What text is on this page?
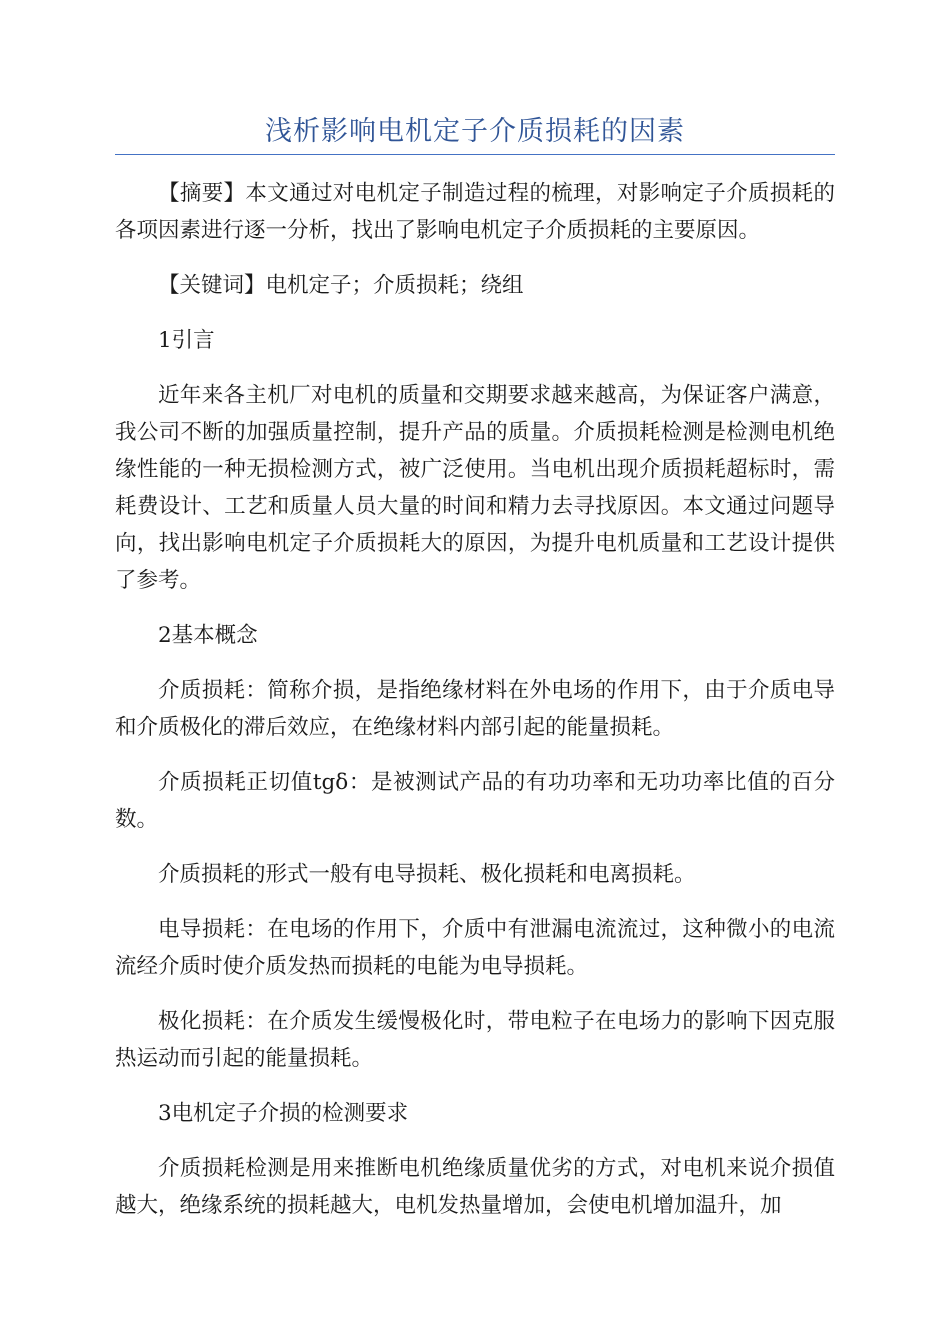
浅析影响电机定子介质损耗的因素

【摘要】本文通过对电机定子制造过程的梳理，对影响定子介质损耗的各项因素进行逐一分析，找出了影响电机定子介质损耗的主要原因。

【关键词】电机定子；介质损耗；绕组

1引言

近年来各主机厂对电机的质量和交期要求越来越高，为保证客户满意，我公司不断的加强质量控制，提升产品的质量。介质损耗检测是检测电机绝缘性能的一种无损检测方式，被广泛使用。当电机出现介质损耗超标时，需耗费设计、工艺和质量人员大量的时间和精力去寻找原因。本文通过问题导向，找出影响电机定子介质损耗大的原因，为提升电机质量和工艺设计提供了参考。

2基本概念

介质损耗：简称介损，是指绝缘材料在外电场的作用下，由于介质电导和介质极化的滞后效应，在绝缘材料内部引起的能量损耗。

介质损耗正切值tgδ：是被测试产品的有功功率和无功功率比值的百分数。

介质损耗的形式一般有电导损耗、极化损耗和电离损耗。

电导损耗：在电场的作用下，介质中有泄漏电流流过，这种微小的电流流经介质时使介质发热而损耗的电能为电导损耗。

极化损耗：在介质发生缓慢极化时，带电粒子在电场力的影响下因克服热运动而引起的能量损耗。

3电机定子介损的检测要求

介质损耗检测是用来推断电机绝缘质量优劣的方式，对电机来说介损值越大，绝缘系统的损耗越大，电机发热量增加，会使电机增加温升，加
